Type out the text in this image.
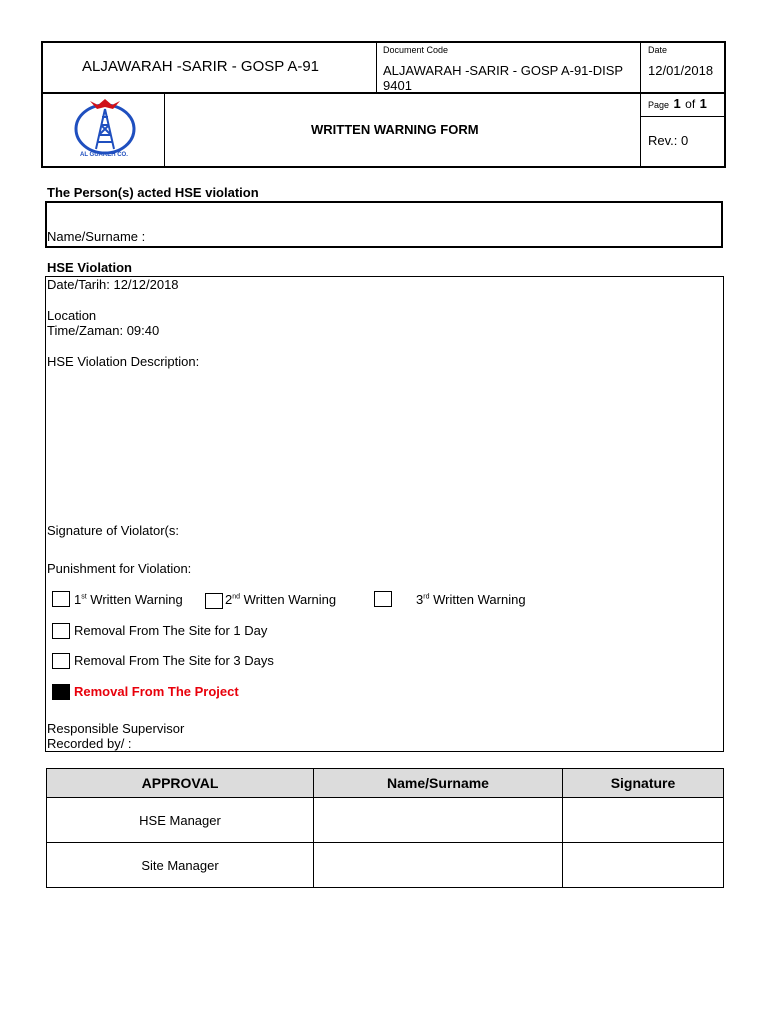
ALJAWARAH -SARIR - GOSP A-91
Document Code
ALJAWARAH -SARIR - GOSP A-91-DISP
9401
Date
12/01/2018
AL GUAREH CO.
WRITTEN WARNING FORM
Page 1 of 1
Rev.: 0
The Person(s) acted HSE violation
Name/Surname :
HSE Violation
Date/Tarih: 12/12/2018
Location
Time/Zaman: 09:40
HSE Violation Description:
Signature of Violator(s:
Punishment for Violation:
1st Written Warning	2nd Written Warning	3rd Written Warning
Removal From The Site for 1 Day
Removal From The Site for 3 Days
Removal From The Project
Responsible Supervisor
Recorded by/ :
APPROVAL	Name/Surname	Signature
HSE Manager		
Site Manager		
